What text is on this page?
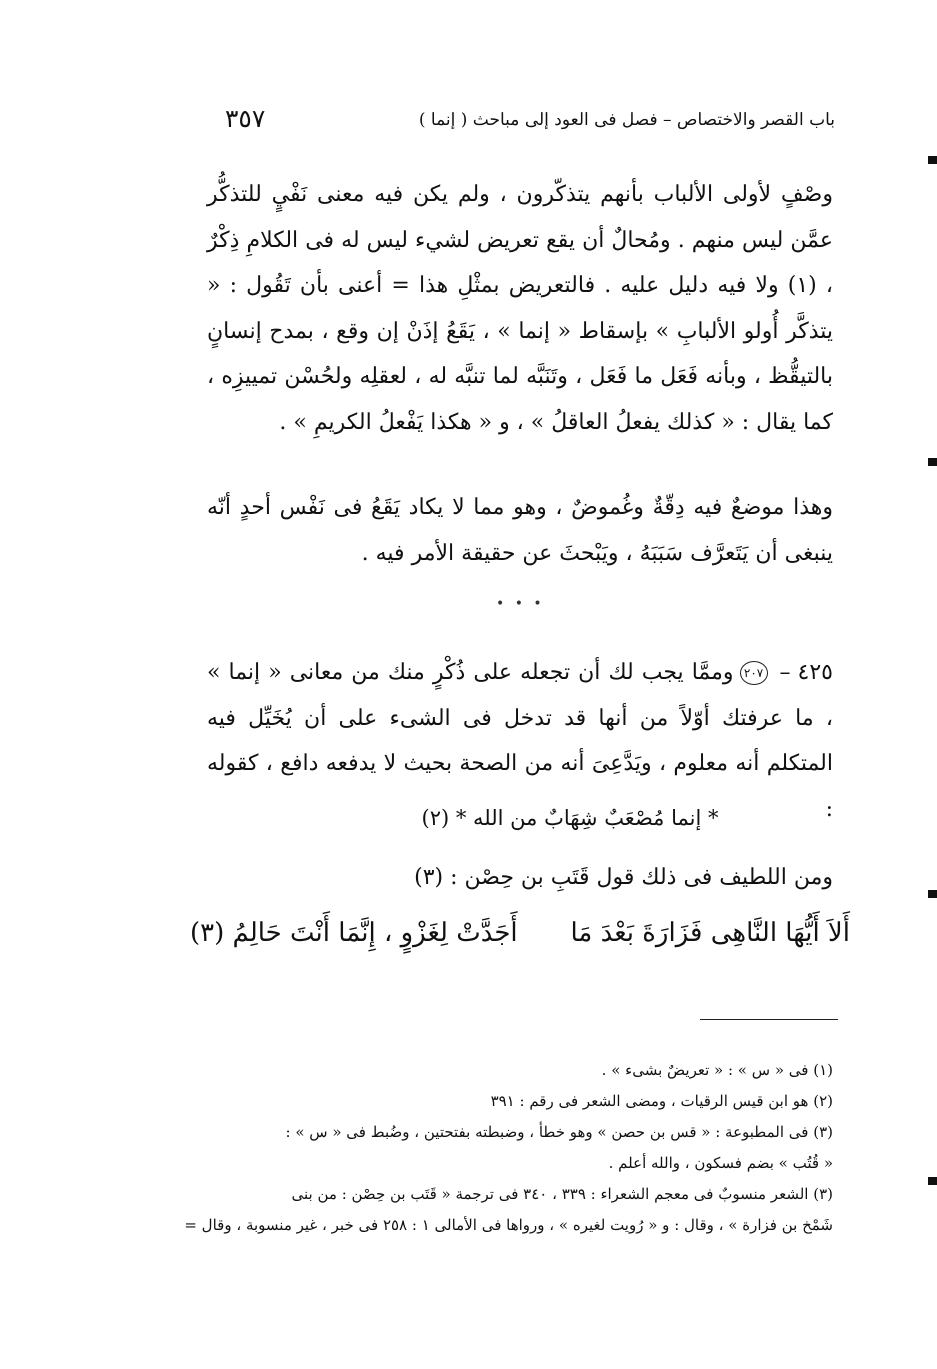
باب القصر والاختصاص – فصل فى العود إلى مباحث ( إنما )
٣٥٧
وصْفٍ لأولى الألباب بأنهم يتذكّرون ، ولم يكن فيه معنى نَفْيٍ للتذكُّر عمَّن ليس منهم . ومُحالٌ أن يقع تعريض لشيء ليس له فى الكلامِ ذِكْرٌ ، (١) ولا فيه دليل عليه . فالتعريض بمثْلِ هذا = أعنى بأن تَقُول : « يتذكَّر أُولو الألبابِ » بإسقاط « إنما » ، يَقَعُ إذَنْ إن وقع ، بمدح إنسانٍ بالتيقُّظ ، وبأنه فَعَل ما فَعَل ، وتَنَبَّه لما تنبَّه له ، لعقلِه ولحُسْن تمييزِه ، كما يقال : « كذلك يفعلُ العاقلُ » ، و « هكذا يَفْعلُ الكريمِ » .
وهذا موضعٌ فيه دِقّةٌ وغُموضٌ ، وهو مما لا يكاد يَقَعُ فى نَفْس أحدٍ أنّه ينبغى أن يَتَعرَّف سَبَبَهُ ، ويَبْحثَ عن حقيقة الأمر فيه .
• • •
٤٢٥ –٢٠٧وممَّا يجب لك أن تجعله على ذُكْرٍ منك من معانى « إنما » ، ما عرفتك أوّلاً من أنها قد تدخل فى الشىء على أن يُخَيِّل فيه المتكلم أنه معلوم ، ويَدَّعِىَ أنه من الصحة بحيث لا يدفعه دافع ، كقوله :
* إنما مُصْعَبٌ شِهَابٌ من الله * (٢)
ومن اللطيف فى ذلك قول قَتَبِ بن حِصْن : (٣)
أَلاَ أَيُّهَا النَّاهِى فَزَارَةَ بَعْدَ مَا
أَجَدَّتْ لِغَزْوٍ ، إِنَّمَا أَنْتَ حَالِمُ (٣)
(١) فى « س » : « تعريضٌ بشىء » .
(٢) هو ابن قيس الرقيات ، ومضى الشعر فى رقم : ٣٩١
(٣) فى المطبوعة : « قس بن حصن » وهو خطأ ، وضبطته بفتحتين ، وضُبط فى « س » :
« قُتُب » بضم فسكون ، والله أعلم .
(٣) الشعر منسوبٌ فى معجم الشعراء : ٣٣٩ ، ٣٤٠ فى ترجمة « قَتَب بن حِصْن : من بنى
شَمْخ بن فزارة » ، وقال : و « رُويت لغيره » ، ورواها فى الأمالى ١ : ٢٥٨ فى خبر ، غير منسوبة ، وقال =
